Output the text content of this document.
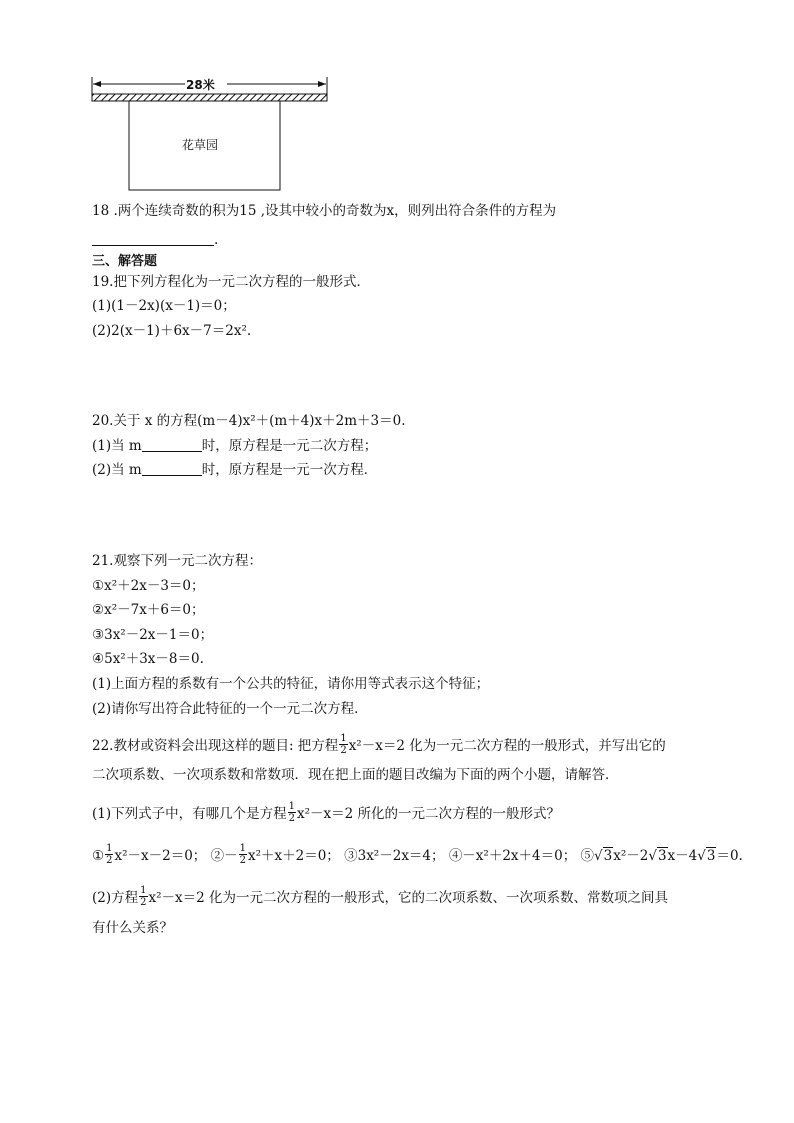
28米
花草园
18 .两个连续奇数的积为15 ,设其中较小的奇数为x，则列出符合条件的方程为
.
三、解答题
19.把下列方程化为一元二次方程的一般形式．
(1)(1－2x)(x－1)＝0；
(2)2(x－1)＋6x－7＝2x².
20.关于 x 的方程(m－4)x²＋(m＋4)x＋2m＋3＝0.
(1)当 m	时，原方程是一元二次方程；
(2)当 m	时，原方程是一元一次方程．
21.观察下列一元二次方程：
①x²＋2x－3＝0；
②x²－7x＋6＝0；
③3x²－2x－1＝0；
④5x²＋3x－8＝0.
(1)上面方程的系数有一个公共的特征，请你用等式表示这个特征；
(2)请你写出符合此特征的一个一元二次方程．
22.教材或资料会出现这样的题目: 把方程 $\frac{1}{2} x^2-x=2$ 化为一元二次方程的一般形式，并写出它的
二次项系数、一次项系数和常数项．现在把上面的题目改编为下面的两个小题，请解答．
(1)下列式子中，有哪几个是方程 $\frac{1}{2} x^2-x=2$ 所化的一元二次方程的一般形式？
① $\frac{1}{2} x^2-x-2=0$； ②－ $\frac{1}{2} x^2+x+2=0$； ③3x²－2x＝4； ④－x²＋2x＋4＝0； ⑤√3x²－2√3x－4√3＝0.
(2)方程 $\frac{1}{2} x^2-x=2$ 化为一元二次方程的一般形式，它的二次项系数、一次项系数、常数项之间具
有什么关系？
